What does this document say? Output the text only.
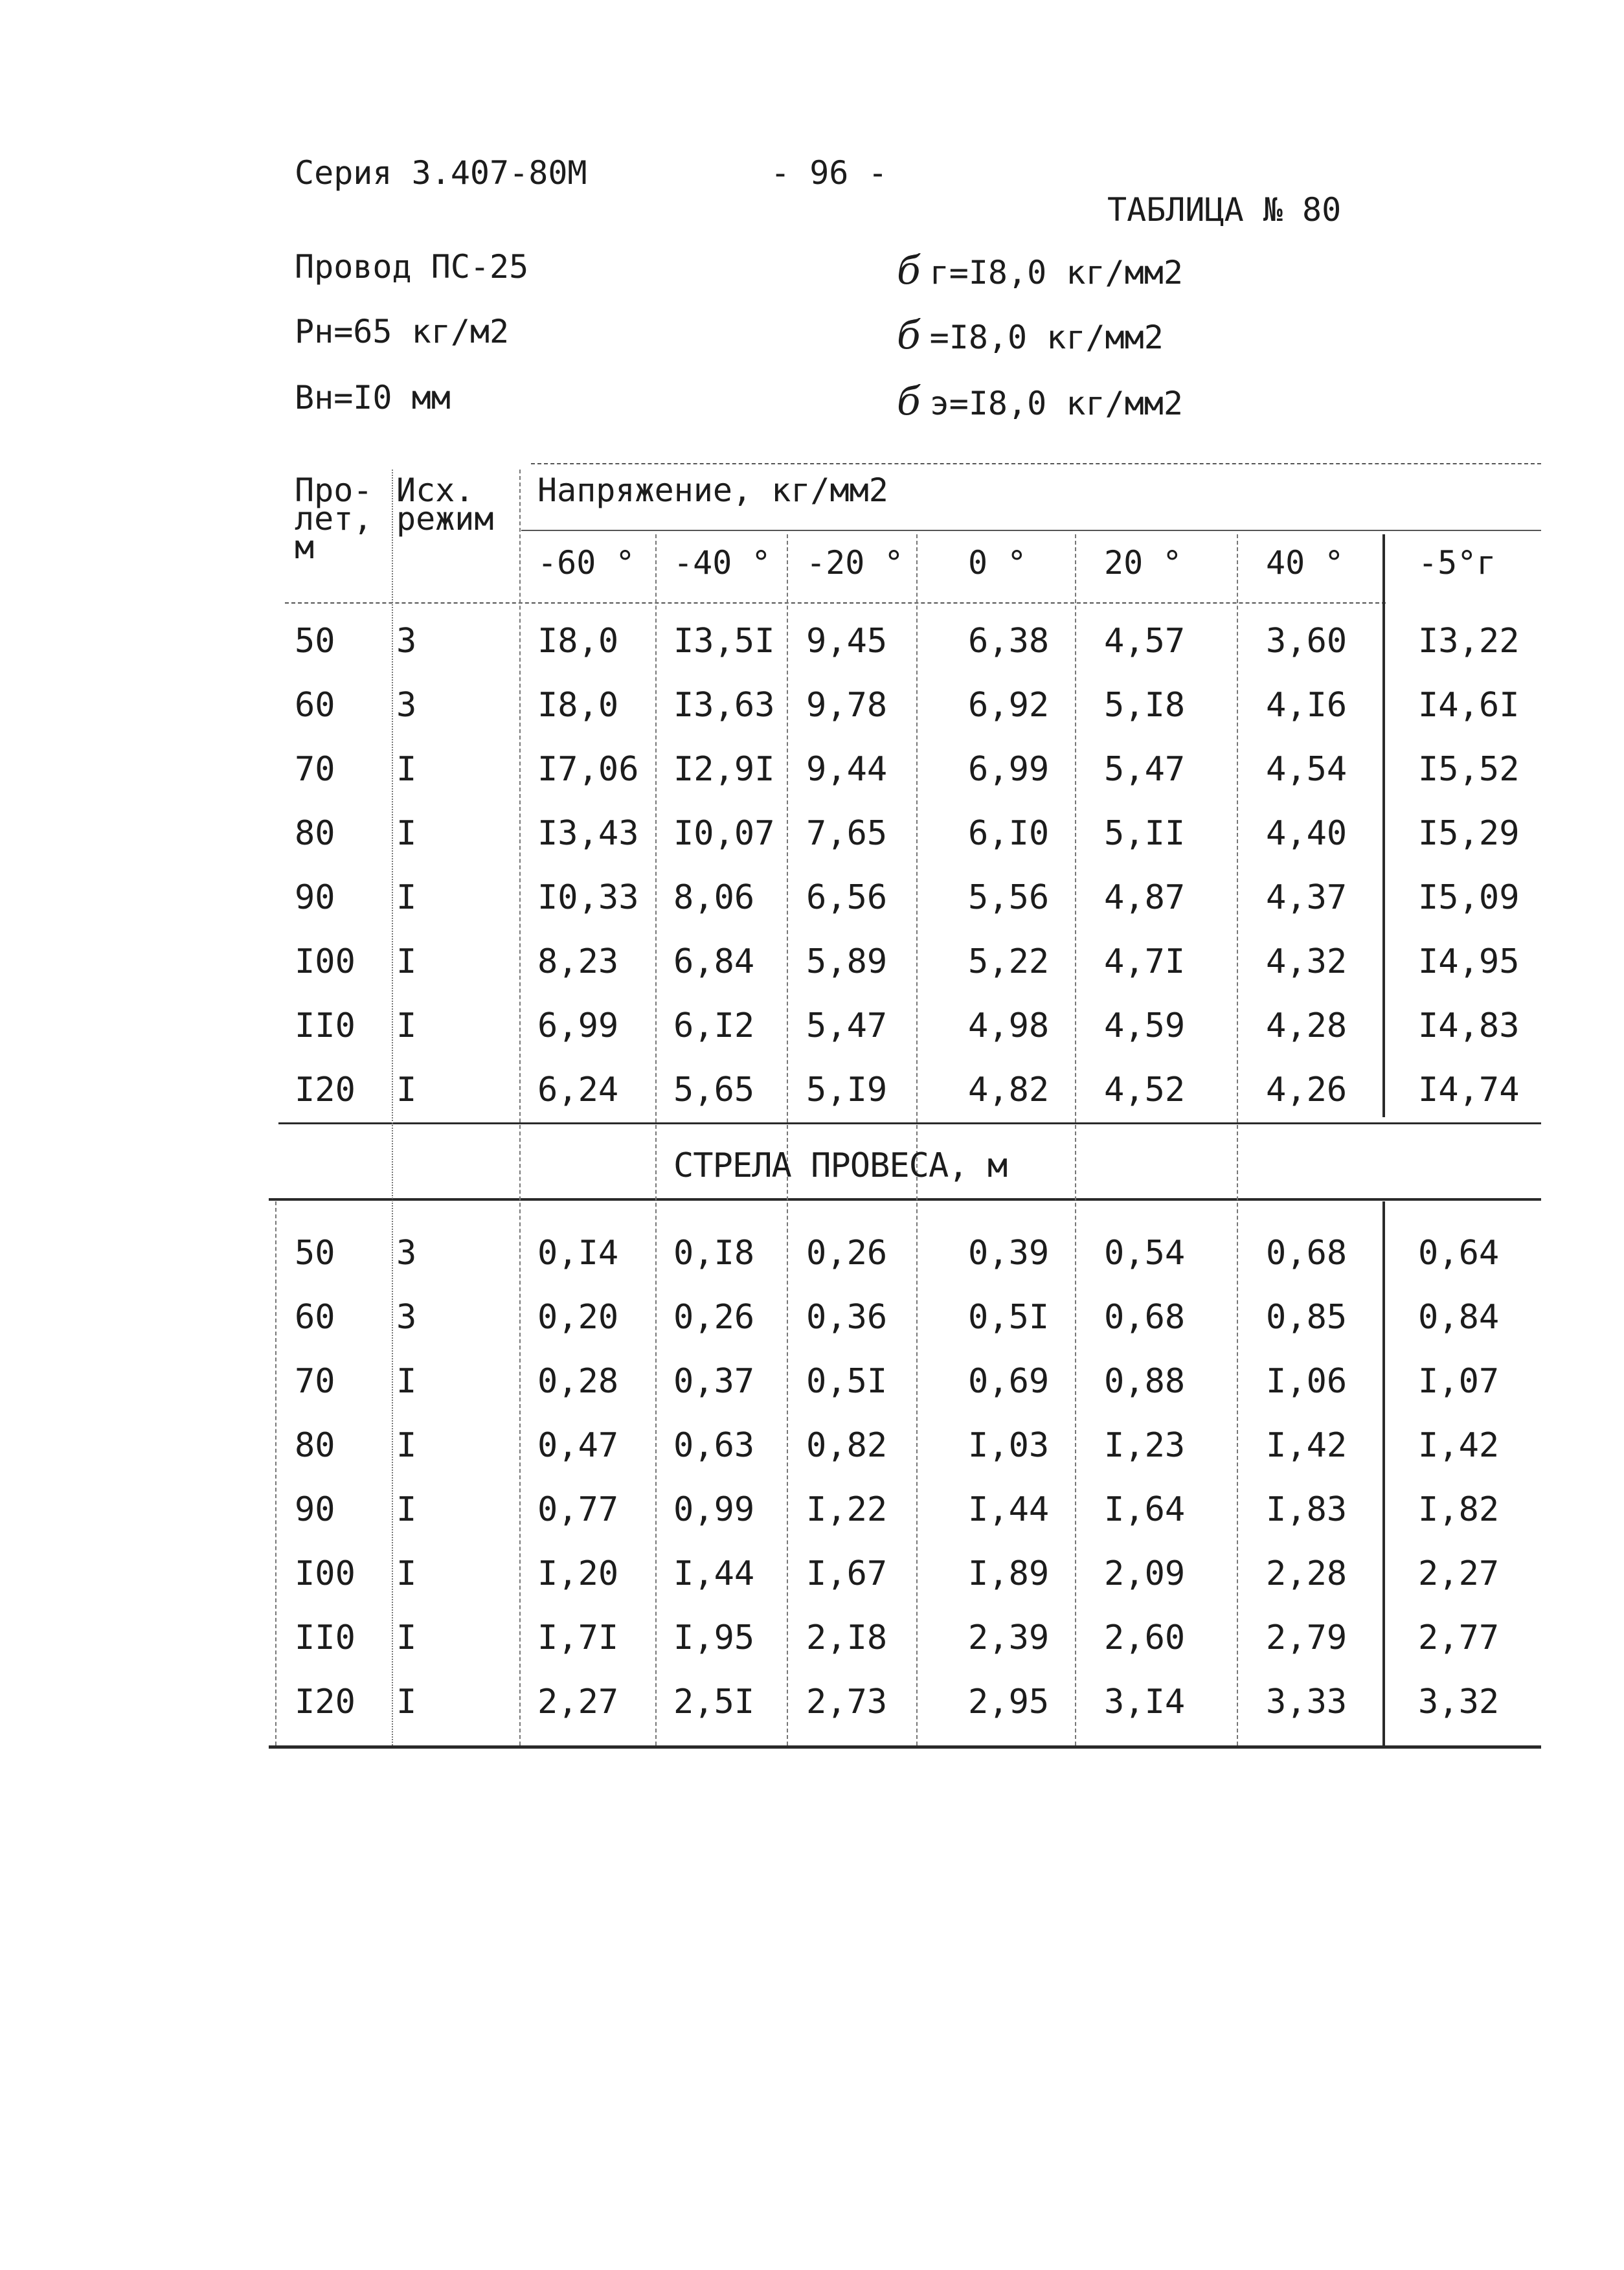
Серия 3.407-80М	- 96 -
ТАБЛИЦА № 80
Провод ПС-25
Рн=65 кг/м2
Вн=I0 мм
б г=I8,0 кг/мм2
б =I8,0 кг/мм2
б э=I8,0 кг/мм2
Про-
лет,
м
Исх.
режим
Напряжение, кг/мм2
-60 ° -40 ° -20 ° 0 ° 20 °	40 ° -5°г
50 3	I8,0 I3,5I 9,45 6,38 4,57 3,60 I3,22
60 3	I8,0 I3,63 9,78 6,92 5,I8 4,I6 I4,6I
70 I	I7,06 I2,9I 9,44 6,99 5,47 4,54 I5,52
80 I	I3,43 I0,07 7,65 6,I0 5,II 4,40 I5,29
90 I	I0,33 8,06 6,56 5,56 4,87 4,37 I5,09
I00 I	8,23 6,84 5,89 5,22 4,7I 4,32 I4,95
II0 I	6,99 6,I2 5,47 4,98 4,59 4,28 I4,83
I20 I	6,24 5,65 5,I9 4,82 4,52 4,26 I4,74
СТРЕЛА ПРОВЕСА, м
50 3	0,I4 0,I8 0,26 0,39 0,54 0,68 0,64
60 3	0,20 0,26 0,36 0,5I 0,68 0,85 0,84
70 I	0,28 0,37 0,5I 0,69 0,88 I,06 I,07
80 I	0,47 0,63 0,82 I,03 I,23 I,42 I,42
90 I	0,77 0,99 I,22 I,44 I,64 I,83 I,82
I00 I	I,20 I,44 I,67 I,89 2,09 2,28 2,27
II0 I	I,7I I,95 2,I8 2,39 2,60 2,79 2,77
I20 I	2,27 2,5I 2,73 2,95 3,I4 3,33 3,32
